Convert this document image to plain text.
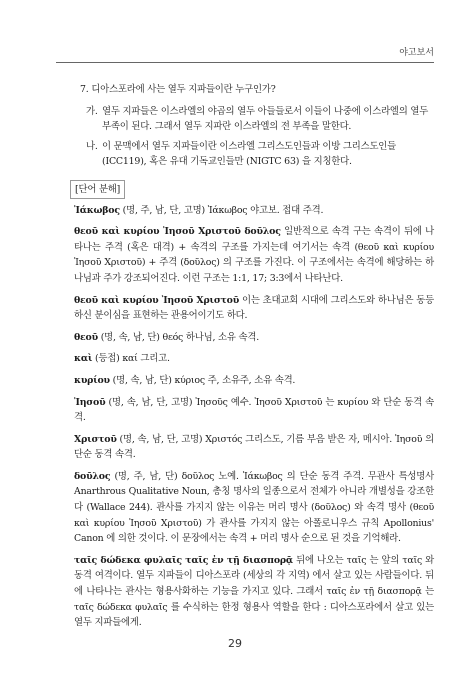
야고보서
7. 디아스포라에 사는 열두 지파들이란 누구인가?
가. 열두 지파들은 이스라엘의 야곱의 열두 아들들로서 이들이 나중에 이스라엘의 열두 부족이 된다. 그래서 열두 지파란 이스라엘의 전 부족을 말한다.
나. 이 문맥에서 열두 지파들이란 이스라엘 그리스도인들과 이방 그리스도인들(ICC119), 혹은 유대 기독교인들만 (NIGTC 63) 을 지칭한다.
[단어 분해]

Ἰάκωβος (명, 주, 남, 단, 고명) Ἰάκωβος 야고보. 접대 주격.

θεοῦ καὶ κυρίου Ἰησοῦ Χριστοῦ δοῦλος 일반적으로 속격 구는 속격이 뒤에 나타나는 주격 (혹은 대격) + 속격의 구조를 가지는데 여기서는 속격 (θεοῦ καὶ κυρίου Ἰησοῦ Χριστοῦ) + 주격 (δοῦλος) 의 구조를 가진다. 이 구조에서는 속격에 해당하는 하나님과 주가 강조되어진다. 이런 구조는 1:1, 17; 3:3에서 나타난다.

θεοῦ καὶ κυρίου Ἰησοῦ Χριστοῦ 이는 초대교회 시대에 그리스도와 하나님은 동등하신 분이심을 표현하는 관용어이기도 하다.

θεοῦ (명, 속, 남, 단) θεός 하나님, 소유 속격.

καὶ (등접) καί 그리고.

κυρίου (명, 속, 남, 단) κύριος 주, 소유주, 소유 속격.

Ἰησοῦ (명, 속, 남, 단, 고명) Ἰησοῦς 예수. Ἰησοῦ Χριστοῦ 는 κυρίου 와 단순 동격 속격.

Χριστοῦ (명, 속, 남, 단, 고명) Χριστός 그리스도, 기름 부음 받은 자, 메시아. Ἰησοῦ 의 단순 동격 속격.

δοῦλος (명, 주, 남, 단) δοῦλος 노예. Ἰάκωβος 의 단순 동격 주격. 무관사 특성명사 Anarthrous Qualitative Noun, 총칭 명사의 일종으로서 전체가 아니라 개별성을 강조한다 (Wallace 244). 관사를 가지지 않는 이유는 머리 명사 (δοῦλος) 와 속격 명사 (θεοῦ καὶ κυρίου Ἰησοῦ Χριστοῦ) 가 관사를 가지지 않는 아폴로니우스 규칙 Apollonius' Canon 에 의한 것이다. 이 문장에서는 속격 + 머리 명사 순으로 된 것을 기억해라.

ταῖς δώδεκα φυλαῖς ταῖς ἐν τῇ διασπορᾷ 뒤에 나오는 ταῖς 는 앞의 ταῖς 와 동격 여격이다. 열두 지파들이 디아스포라 (세상의 각 지역) 에서 살고 있는 사람들이다. 뒤에 나타나는 관사는 형용사화하는 기능을 가지고 있다. 그래서 ταῖς ἐν τῇ διασπορᾷ 는 ταῖς δώδεκα φυλαῖς 를 수식하는 한정 형용사 역할을 한다 : 디아스포라에서 살고 있는 열두 지파들에게.

29
